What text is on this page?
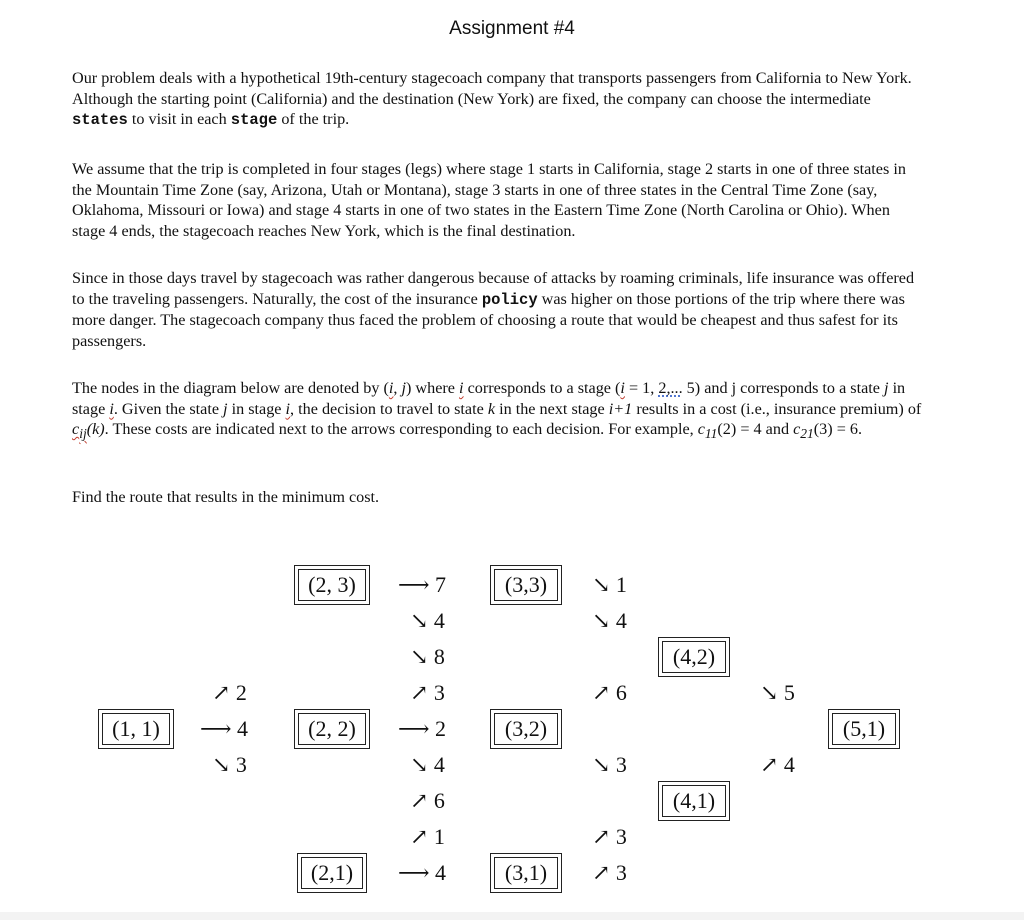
Assignment #4

Our problem deals with a hypothetical 19th-century stagecoach company that transports passengers from California to New York. Although the starting point (California) and the destination (New York) are fixed, the company can choose the intermediate states to visit in each stage of the trip.

We assume that the trip is completed in four stages (legs) where stage 1 starts in California, stage 2 starts in one of three states in the Mountain Time Zone (say, Arizona, Utah or Montana), stage 3 starts in one of three states in the Central Time Zone (say, Oklahoma, Missouri or Iowa) and stage 4 starts in one of two states in the Eastern Time Zone (North Carolina or Ohio). When stage 4 ends, the stagecoach reaches New York, which is the final destination.

Since in those days travel by stagecoach was rather dangerous because of attacks by roaming criminals, life insurance was offered to the traveling passengers. Naturally, the cost of the insurance policy was higher on those portions of the trip where there was more danger. The stagecoach company thus faced the problem of choosing a route that would be cheapest and thus safest for its passengers.

The nodes in the diagram below are denoted by (i, j) where i corresponds to a stage (i = 1, 2,... 5) and j corresponds to a state j in stage i. Given the state j in stage i, the decision to travel to state k in the next stage i+1 results in a cost (i.e., insurance premium) of $c_{ij}(k)$. These costs are indicated next to the arrows corresponding to each decision. For example, $c_{11}(2) = 4$ and $c_{21}(3) = 6$.

Find the route that results in the minimum cost.

(1, 1)
(2, 3)
(2, 2)
(2,1)
(3,3)
(3,2)
(3,1)
(4,2)
(4,1)
(5,1)
↗ 2
⟶ 4
↘ 3
⟶ 7
↘ 4
↘ 8
↗ 3
⟶ 2
↘ 4
↗ 6
↗ 1
⟶ 4
↘ 1
↘ 4
↗ 6
↘ 3
↗ 3
↗ 3
↘ 5
↗ 4
